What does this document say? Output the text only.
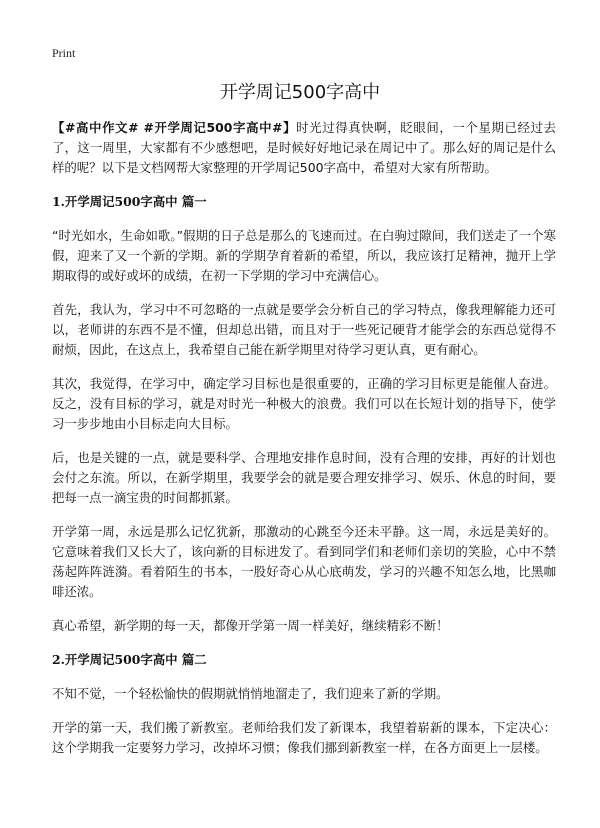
Print
开学周记500字高中

【#高中作文# #开学周记500字高中#】时光过得真快啊，眨眼间，一个星期已经过去了，这一周里，大家都有不少感想吧，是时候好好地记录在周记中了。那么好的周记是什么样的呢？以下是文档网帮大家整理的开学周记500字高中，希望对大家有所帮助。

1.开学周记500字高中 篇一

“时光如水，生命如歌。”假期的日子总是那么的飞速而过。在白驹过隙间，我们送走了一个寒假，迎来了又一个新的学期。新的学期孕育着新的希望，所以，我应该打足精神，抛开上学期取得的或好或坏的成绩，在初一下学期的学习中充满信心。

首先，我认为，学习中不可忽略的一点就是要学会分析自己的学习特点，像我理解能力还可以，老师讲的东西不是不懂，但却总出错，而且对于一些死记硬背才能学会的东西总觉得不耐烦，因此，在这点上，我希望自己能在新学期里对待学习更认真，更有耐心。

其次，我觉得，在学习中，确定学习目标也是很重要的，正确的学习目标更是能催人奋进。反之，没有目标的学习，就是对时光一种极大的浪费。我们可以在长短计划的指导下，使学习一步步地由小目标走向大目标。

后，也是关键的一点，就是要科学、合理地安排作息时间，没有合理的安排，再好的计划也会付之东流。所以，在新学期里，我要学会的就是要合理安排学习、娱乐、休息的时间，要把每一点一滴宝贵的时间都抓紧。

开学第一周，永远是那么记忆犹新，那激动的心跳至今还未平静。这一周，永远是美好的。它意味着我们又长大了，该向新的目标进发了。看到同学们和老师们亲切的笑脸，心中不禁荡起阵阵涟漪。看着陌生的书本，一股好奇心从心底萌发，学习的兴趣不知怎么地，比黑咖啡还浓。

真心希望，新学期的每一天，都像开学第一周一样美好，继续精彩不断！

2.开学周记500字高中 篇二

不知不觉，一个轻松愉快的假期就悄悄地溜走了，我们迎来了新的学期。

开学的第一天，我们搬了新教室。老师给我们发了新课本，我望着崭新的课本，下定决心：这个学期我一定要努力学习，改掉坏习惯；像我们挪到新教室一样，在各方面更上一层楼。
